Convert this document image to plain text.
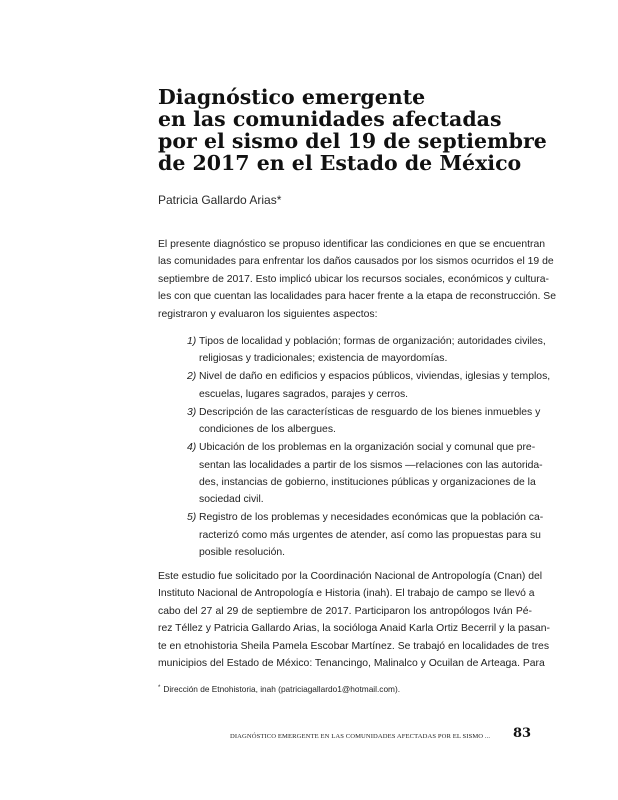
Diagnóstico emergente
en las comunidades afectadas
por el sismo del 19 de septiembre
de 2017 en el Estado de México

Patricia Gallardo Arias*

El presente diagnóstico se propuso identificar las condiciones en que se encuentran
las comunidades para enfrentar los daños causados por los sismos ocurridos el 19 de
septiembre de 2017. Esto implicó ubicar los recursos sociales, económicos y cultura-
les con que cuentan las localidades para hacer frente a la etapa de reconstrucción. Se
registraron y evaluaron los siguientes aspectos:

1) Tipos de localidad y población; formas de organización; autoridades civiles,
religiosas y tradicionales; existencia de mayordomías.
2) Nivel de daño en edificios y espacios públicos, viviendas, iglesias y templos,
escuelas, lugares sagrados, parajes y cerros.
3) Descripción de las características de resguardo de los bienes inmuebles y
condiciones de los albergues.
4) Ubicación de los problemas en la organización social y comunal que pre-
sentan las localidades a partir de los sismos —relaciones con las autorida-
des, instancias de gobierno, instituciones públicas y organizaciones de la
sociedad civil.
5) Registro de los problemas y necesidades económicas que la población ca-
racterizó como más urgentes de atender, así como las propuestas para su
posible resolución.

Este estudio fue solicitado por la Coordinación Nacional de Antropología (Cnan) del
Instituto Nacional de Antropología e Historia (inah). El trabajo de campo se llevó a
cabo del 27 al 29 de septiembre de 2017. Participaron los antropólogos Iván Pé-
rez Téllez y Patricia Gallardo Arias, la socióloga Anaid Karla Ortiz Becerril y la pasan-
te en etnohistoria Sheila Pamela Escobar Martínez. Se trabajó en localidades de tres
municipios del Estado de México: Tenancingo, Malinalco y Ocuilan de Arteaga. Para

* Dirección de Etnohistoria, inah (patriciagallardo1@hotmail.com).

DIAGNÓSTICO EMERGENTE EN LAS COMUNIDADES AFECTADAS POR EL SISMO ... 83
